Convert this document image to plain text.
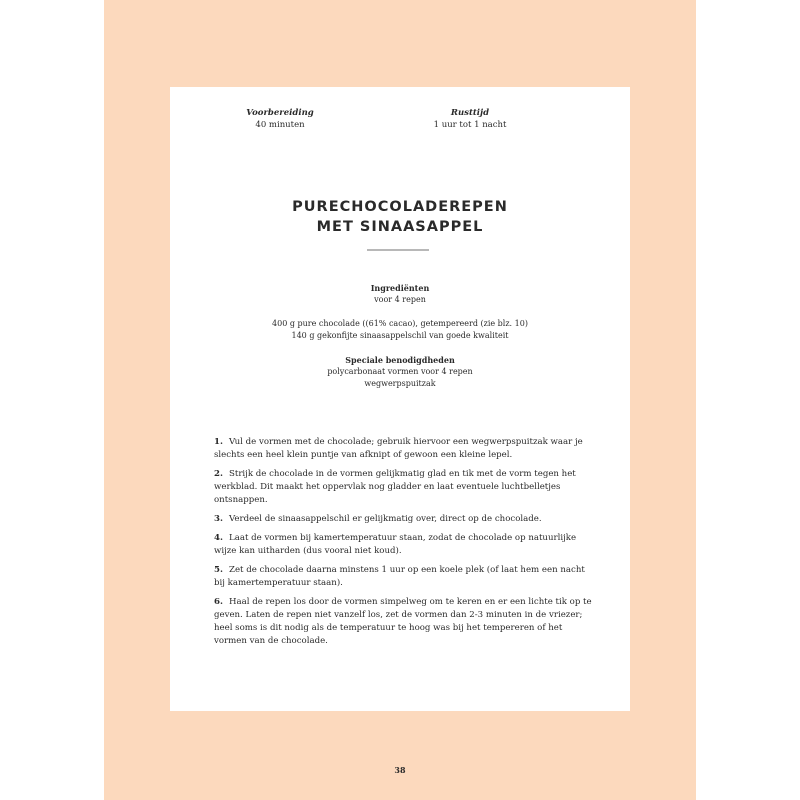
Voorbereiding
40 minuten
Rusttijd
1 uur tot 1 nacht
PURECHOCOLADEREPEN
MET SINAASAPPEL
Ingrediënten
voor 4 repen
400 g pure chocolade ((61% cacao), getempereerd (zie blz. 10)
140 g gekonfijte sinaasappelschil van goede kwaliteit
Speciale benodigdheden
polycarbonaat vormen voor 4 repen
wegwerpspuitzak

1. Vul de vormen met de chocolade; gebruik hiervoor een wegwerpspuitzak waar je slechts een heel klein puntje van afknipt of gewoon een kleine lepel.

2. Strijk de chocolade in de vormen gelijkmatig glad en tik met de vorm tegen het werkblad. Dit maakt het oppervlak nog gladder en laat eventuele luchtbelletjes ontsnappen.

3. Verdeel de sinaasappelschil er gelijkmatig over, direct op de chocolade.

4. Laat de vormen bij kamertemperatuur staan, zodat de chocolade op natuurlijke wijze kan uitharden (dus vooral niet koud).

5. Zet de chocolade daarna minstens 1 uur op een koele plek (of laat hem een nacht bij kamertemperatuur staan).

6. Haal de repen los door de vormen simpelweg om te keren en er een lichte tik op te geven. Laten de repen niet vanzelf los, zet de vormen dan 2-3 minuten in de vriezer; heel soms is dit nodig als de temperatuur te hoog was bij het tempereren of het vormen van de chocolade.

38
